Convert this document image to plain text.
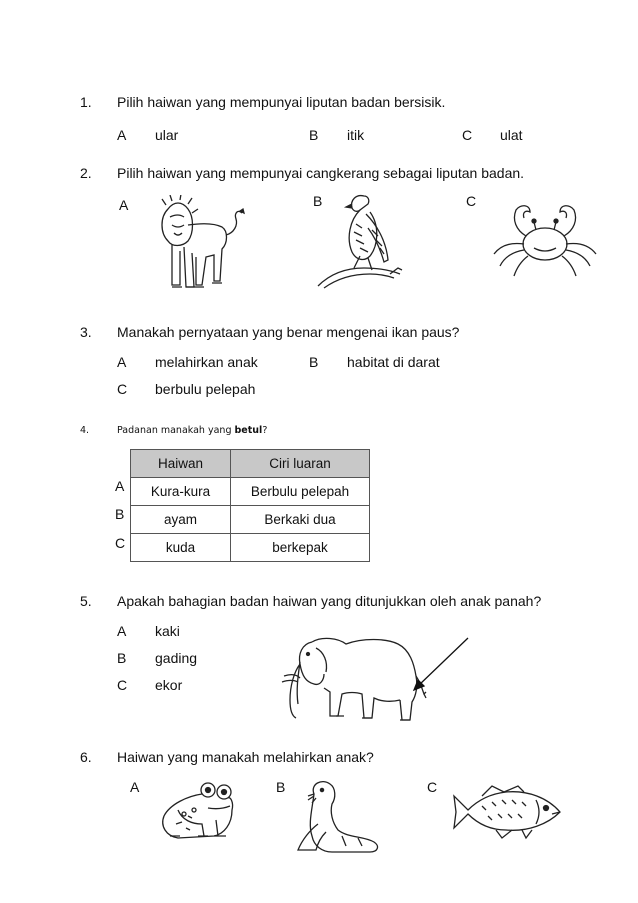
1. Pilih haiwan yang mempunyai liputan badan bersisik.
A ular	B itik	C ulat
2. Pilih haiwan yang mempunyai cangkerang sebagai liputan badan.
A	B	C
3. Manakah pernyataan yang benar mengenai ikan paus?
A melahirkan anak	B habitat di darat
C berbulu pelepah
4.	Padanan manakah yang betul?
A
B
C
Haiwan	Ciri luaran
Kura-kura	Berbulu pelepah
ayam	Berkaki dua
kuda	berkepak
5. Apakah bahagian badan haiwan yang ditunjukkan oleh anak panah?
A kaki
B gading
C ekor
6. Haiwan yang manakah melahirkan anak?
A	B	C
